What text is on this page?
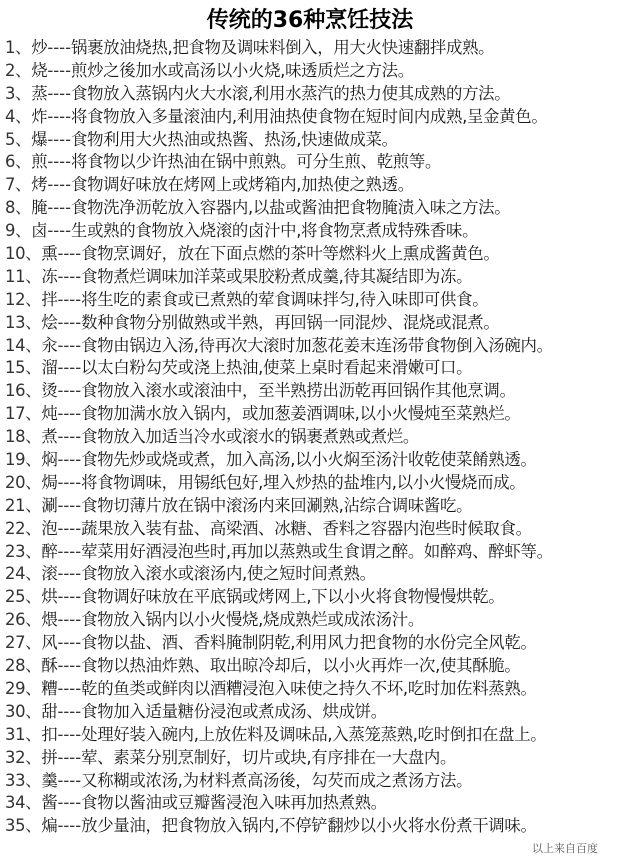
传统的36种烹饪技法
1、炒----锅裹放油烧热,把食物及调味料倒入，用大火快速翻拌成熟。
2、烧----煎炒之後加水或高汤以小火烧,味透质烂之方法。
3、蒸----食物放入蒸锅内火大水滚,利用水蒸汽的热力使其成熟的方法。
4、炸----将食物放入多量滚油内,利用油热使食物在短时间内成熟,呈金黄色。
5、爆----食物利用大火热油或热酱、热汤,快速做成菜。
6、煎----将食物以少许热油在锅中煎熟。可分生煎、乾煎等。
7、烤----食物调好味放在烤网上或烤箱内,加热使之熟透。
8、腌----食物洗净沥乾放入容器内,以盐或酱油把食物腌渍入味之方法。
9、卤----生或熟的食物放入烧滚的卤汁中,将食物烹煮成特殊香味。
10、熏----食物烹调好，放在下面点燃的茶叶等燃料火上熏成酱黄色。
11、冻----食物煮烂调味加洋菜或果胶粉煮成羹,待其凝结即为冻。
12、拌----将生吃的素食或已煮熟的荤食调味拌匀,待入味即可供食。
13、烩----数种食物分别做熟或半熟，再回锅一同混炒、混烧或混煮。
14、汆----食物由锅边入汤,待再次大滚时加葱花姜末连汤带食物倒入汤碗内。
15、溜----以太白粉勾芡或浇上热油,使菜上桌时看起来滑嫩可口。
16、烫----食物放入滚水或滚油中，至半熟捞出沥乾再回锅作其他烹调。
17、炖----食物加满水放入锅内，或加葱姜酒调味,以小火慢炖至菜熟烂。
18、煮----食物放入加适当冷水或滚水的锅裹煮熟或煮烂。
19、焖----食物先炒或烧或煮，加入高汤,以小火焖至汤汁收乾使菜餚熟透。
20、焗----将食物调味，用锡纸包好,埋入炒热的盐堆内,以小火慢烧而成。
21、涮----食物切薄片放在锅中滚汤内来回涮熟,沾综合调味酱吃。
22、泡----蔬果放入装有盐、高梁酒、冰糖、香料之容器内泡些时候取食。
23、醉----荤菜用好酒浸泡些时,再加以蒸熟或生食谓之醉。如醉鸡、醉虾等。
24、滚----食物放入滚水或滚汤内,使之短时间煮熟。
25、烘----食物调好味放在平底锅或烤网上,下以小火将食物慢慢烘乾。
26、煨----食物放入锅内以小火慢烧,烧成熟烂或成浓汤汁。
27、风----食物以盐、酒、香料腌制阴乾,利用风力把食物的水份完全风乾。
28、酥----食物以热油炸熟、取出晾冷却后，以小火再炸一次,使其酥脆。
29、糟----乾的鱼类或鲜肉以酒糟浸泡入味使之持久不坏,吃时加佐料蒸熟。
30、甜----食物加入适量糖份浸泡或煮成汤、烘成饼。
31、扣----处理好装入碗内,上放佐料及调味品,入蒸笼蒸熟,吃时倒扣在盘上。
32、拼----荤、素菜分别烹制好，切片或块,有序排在一大盘内。
33、羹----又称糊或浓汤,为材料煮高汤後，勾芡而成之煮汤方法。
34、酱----食物以酱油或豆瓣酱浸泡入味再加热煮熟。
35、煸----放少量油，把食物放入锅内,不停铲翻炒以小火将水份煮干调味。
以上来自百度
